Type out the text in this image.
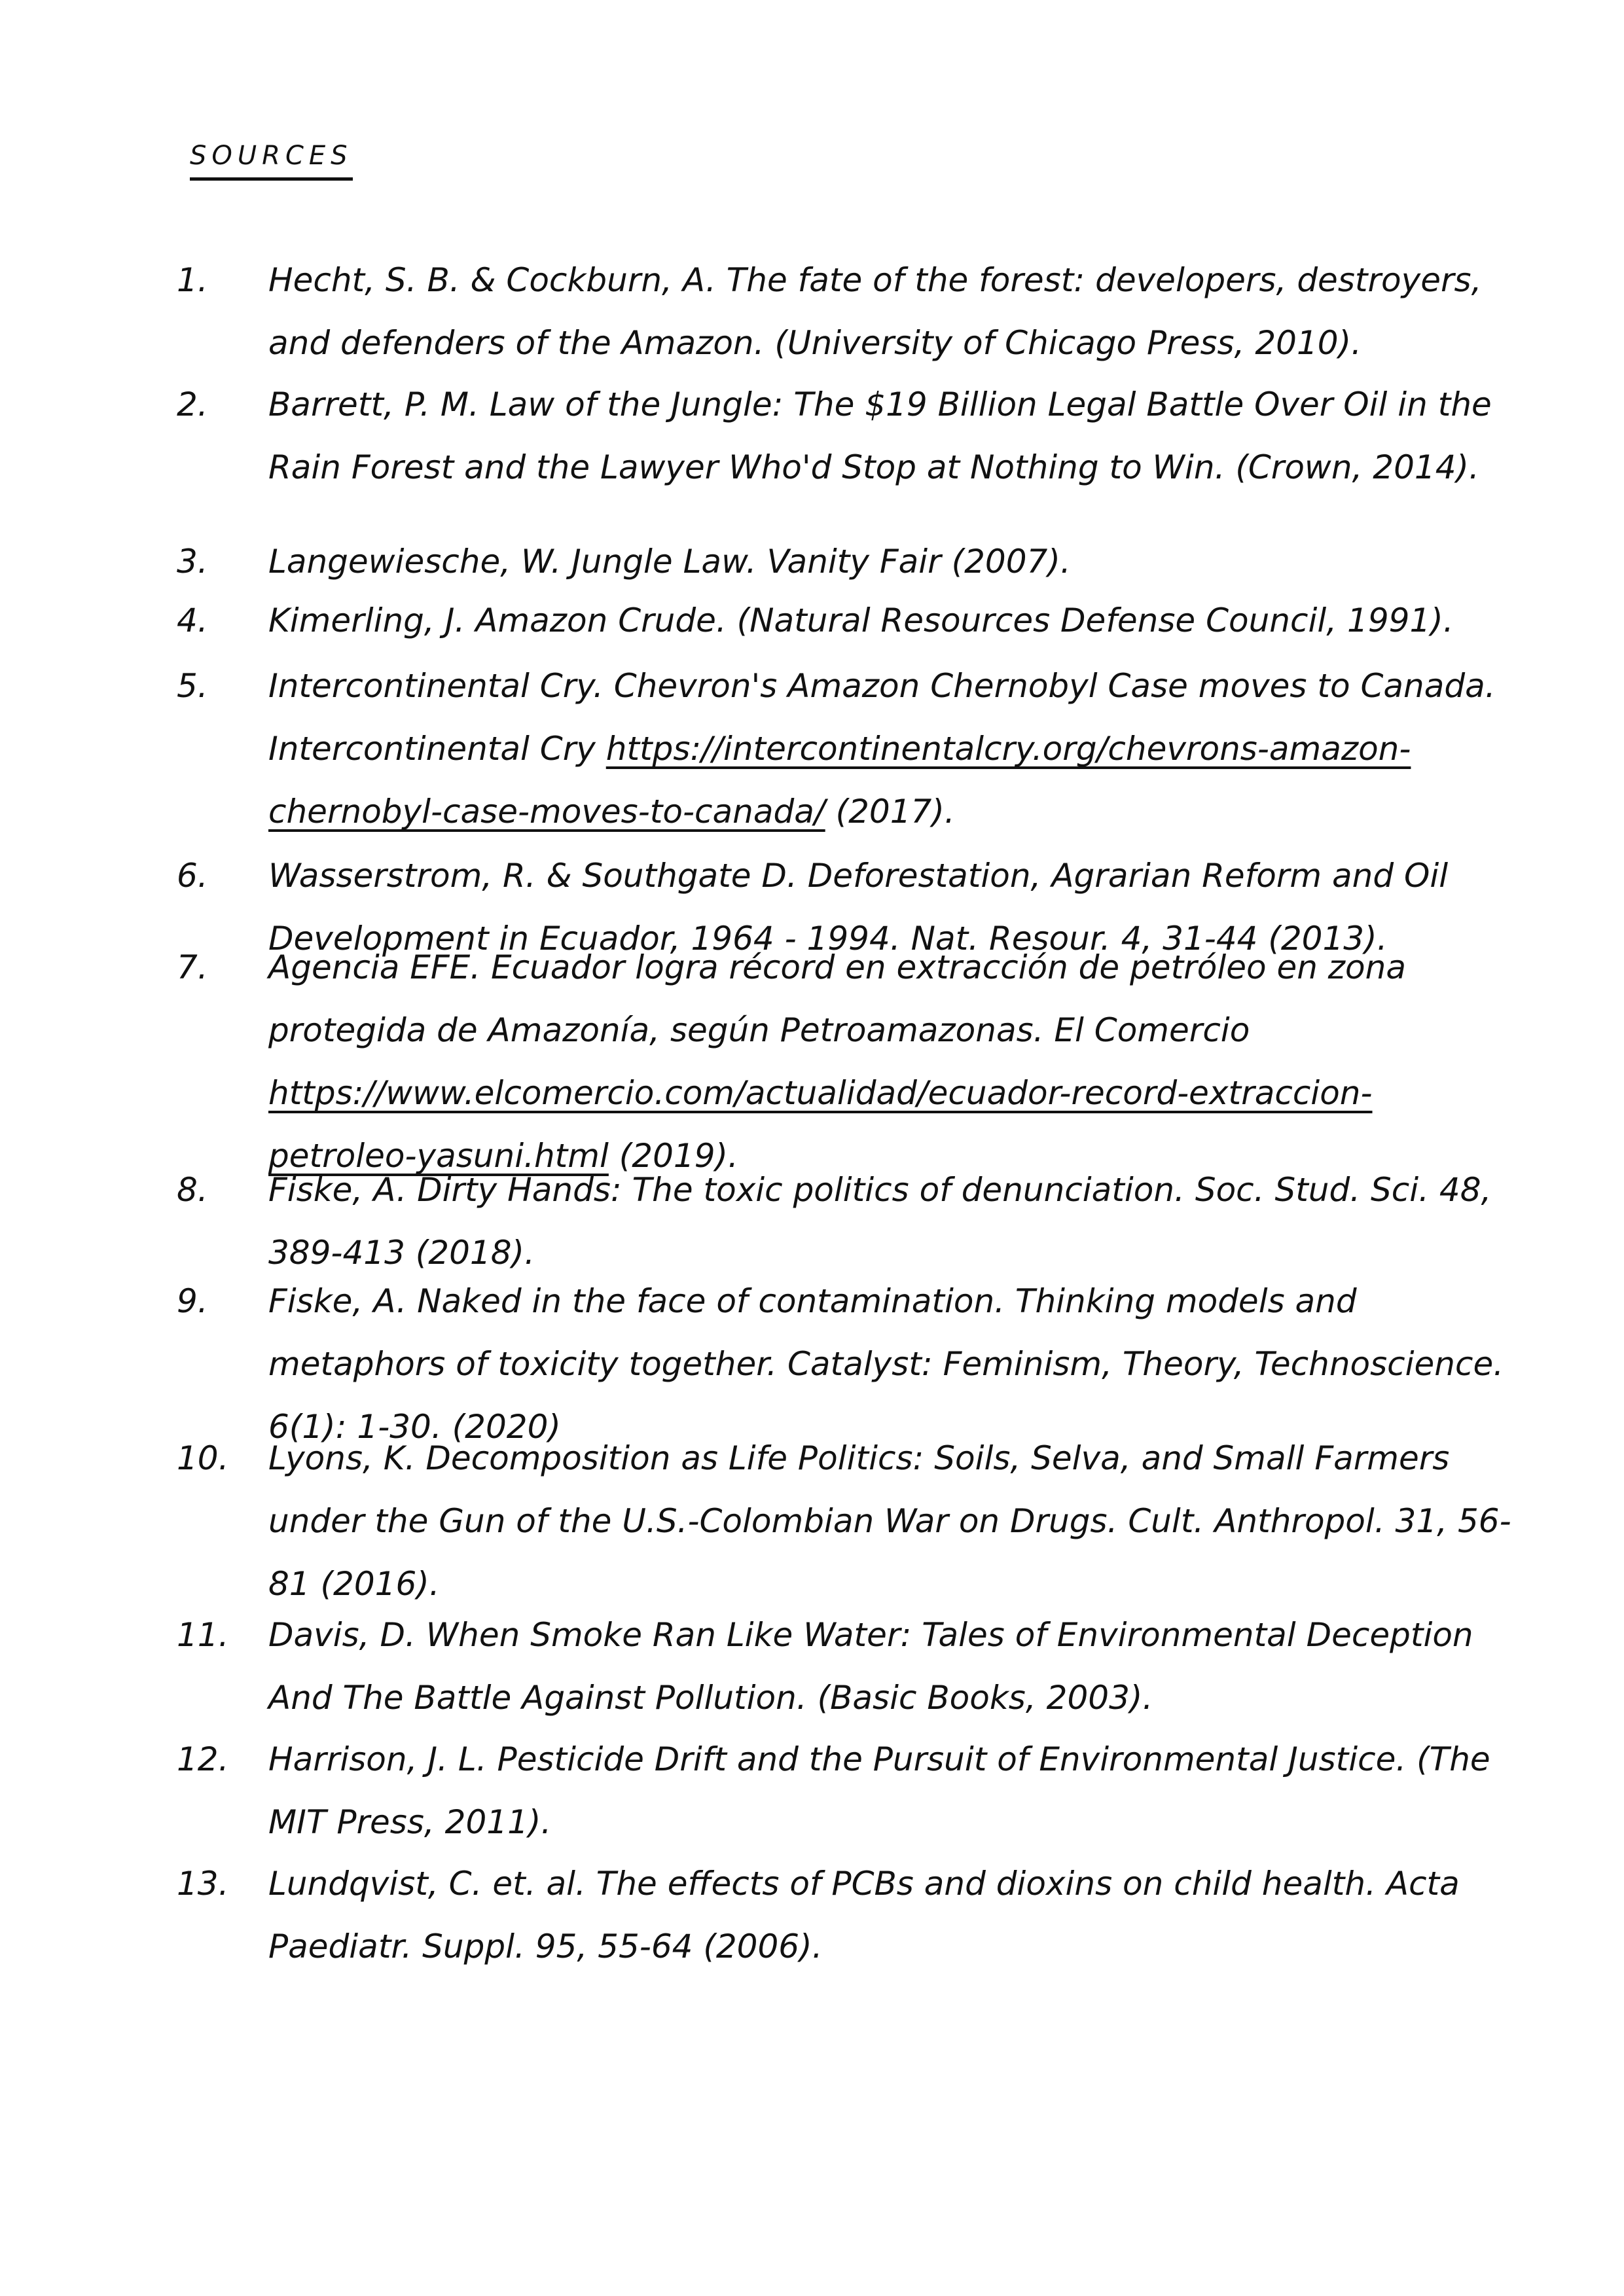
SOURCES
1.	Hecht, S. B. & Cockburn, A. The fate of the forest: developers, destroyers, and defenders of the Amazon. (University of Chicago Press, 2010).
2.	Barrett, P. M. Law of the Jungle: The $19 Billion Legal Battle Over Oil in the Rain Forest and the Lawyer Who'd Stop at Nothing to Win. (Crown, 2014).
3.	Langewiesche, W. Jungle Law. Vanity Fair (2007).
4.	Kimerling, J. Amazon Crude. (Natural Resources Defense Council, 1991).
5.	Intercontinental Cry. Chevron's Amazon Chernobyl Case moves to Canada. Intercontinental Cry https://intercontinentalcry.org/chevrons-amazon-chernobyl-case-moves-to-canada/ (2017).
6.	Wasserstrom, R. & Southgate D. Deforestation, Agrarian Reform and Oil Development in Ecuador, 1964 - 1994. Nat. Resour. 4, 31-44 (2013).
7.	Agencia EFE. Ecuador logra récord en extracción de petróleo en zona protegida de Amazonía, según Petroamazonas. El Comercio https://www.elcomercio.com/actualidad/ecuador-record-extraccion-petroleo-yasuni.html (2019).
8.	Fiske, A. Dirty Hands: The toxic politics of denunciation. Soc. Stud. Sci. 48, 389-413 (2018).
9.	Fiske, A. Naked in the face of contamination. Thinking models and metaphors of toxicity together. Catalyst: Feminism, Theory, Technoscience. 6(1): 1-30. (2020)
10.	Lyons, K. Decomposition as Life Politics: Soils, Selva, and Small Farmers under the Gun of the U.S.-Colombian War on Drugs. Cult. Anthropol. 31, 56-81 (2016).
11.	Davis, D. When Smoke Ran Like Water: Tales of Environmental Deception And The Battle Against Pollution. (Basic Books, 2003).
12.	Harrison, J. L. Pesticide Drift and the Pursuit of Environmental Justice. (The MIT Press, 2011).
13.	Lundqvist, C. et. al. The effects of PCBs and dioxins on child health. Acta Paediatr. Suppl. 95, 55-64 (2006).
